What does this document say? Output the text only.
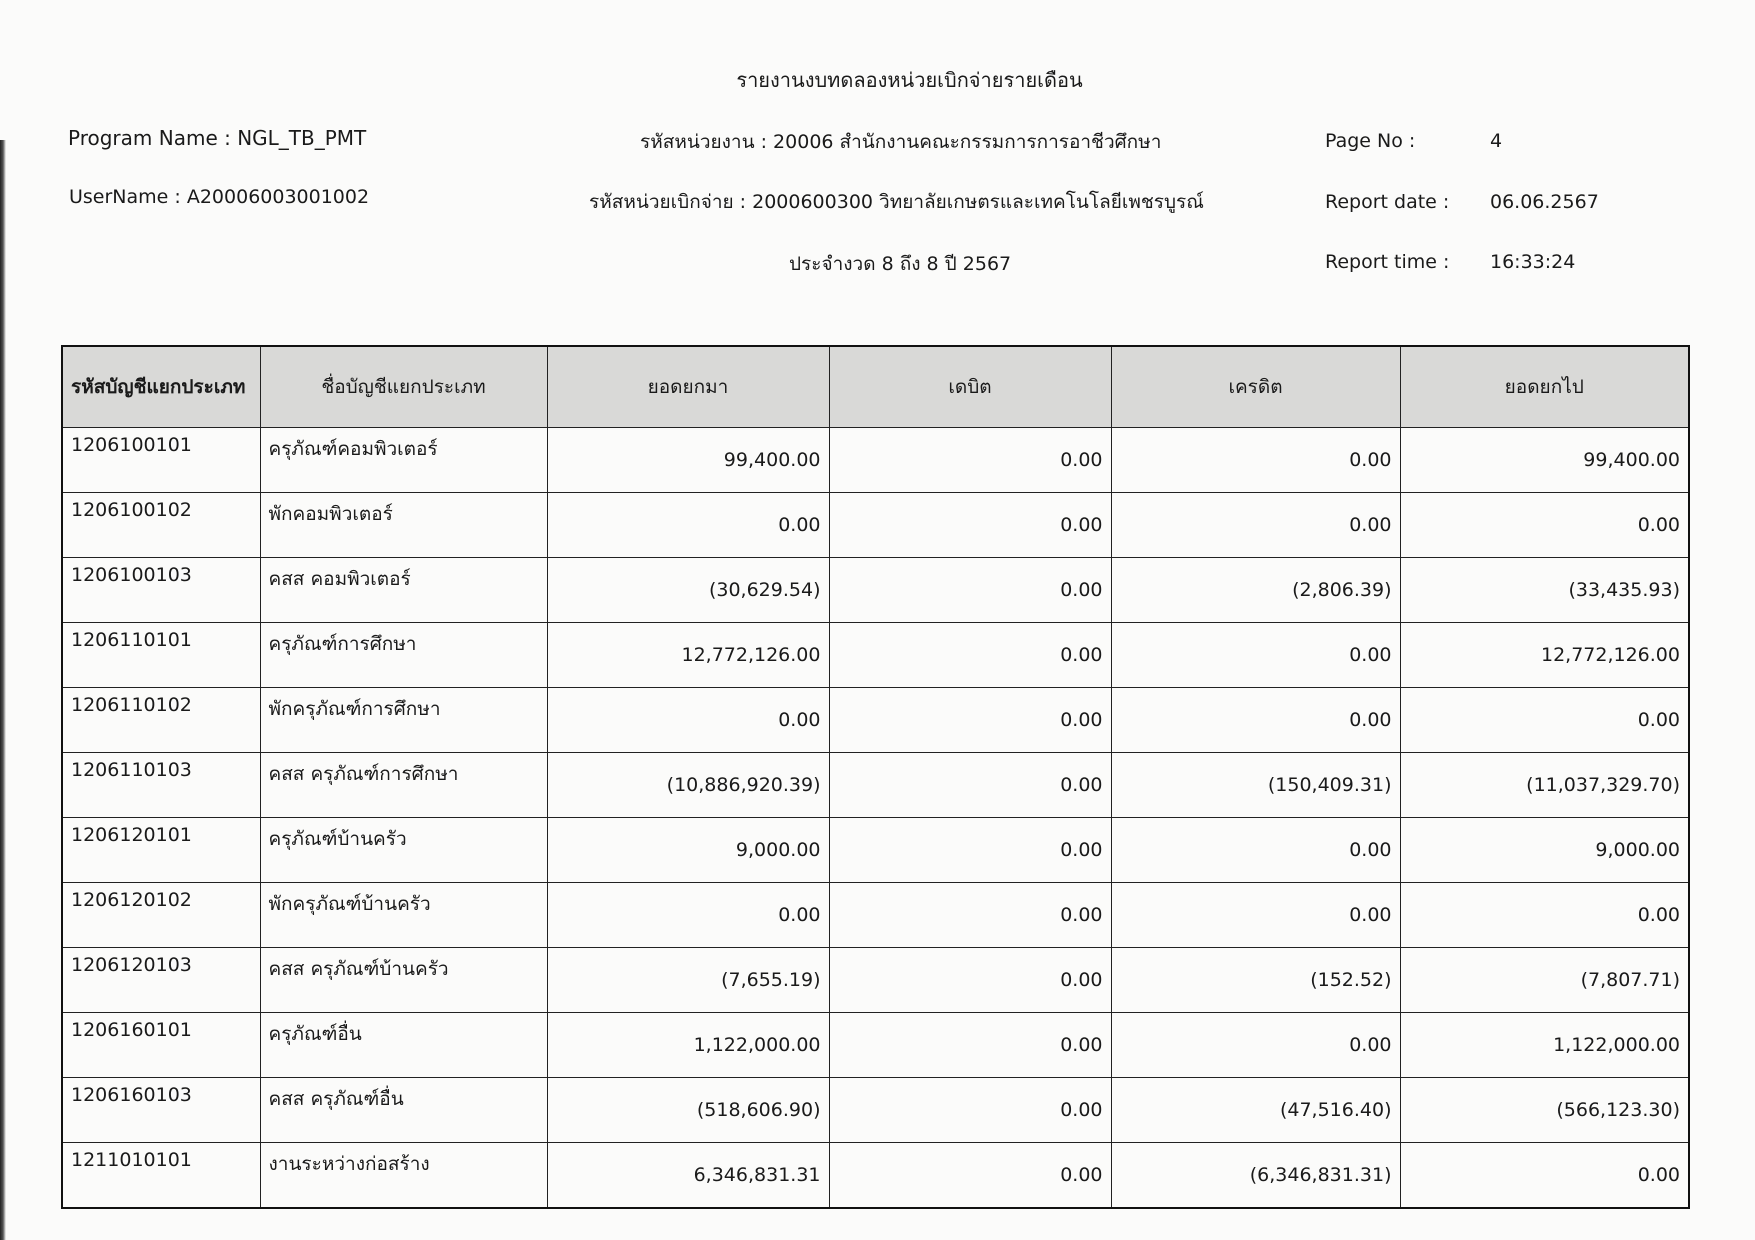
รายงานงบทดลองหน่วยเบิกจ่ายรายเดือน
Program Name : NGL_TB_PMT
UserName : A20006003001002
รหัสหน่วยงาน : 20006 สำนักงานคณะกรรมการการอาชีวศึกษา
รหัสหน่วยเบิกจ่าย : 2000600300 วิทยาลัยเกษตรและเทคโนโลยีเพชรบูรณ์
ประจำงวด 8 ถึง 8 ปี 2567
Page No :	4
Report date : 06.06.2567
Report time : 16:33:24
รหัสบัญชีแยกประเภท	ชื่อบัญชีแยกประเภท	ยอดยกมา	เดบิต	เครดิต	ยอดยกไป
1206100101	ครุภัณฑ์คอมพิวเตอร์	99,400.00	0.00	0.00	99,400.00
1206100102	พักคอมพิวเตอร์	0.00	0.00	0.00	0.00
1206100103	คสส คอมพิวเตอร์	(30,629.54)	0.00	(2,806.39)	(33,435.93)
1206110101	ครุภัณฑ์การศึกษา	12,772,126.00	0.00	0.00	12,772,126.00
1206110102	พักครุภัณฑ์การศึกษา	0.00	0.00	0.00	0.00
1206110103	คสส ครุภัณฑ์การศึกษา	(10,886,920.39)	0.00	(150,409.31)	(11,037,329.70)
1206120101	ครุภัณฑ์บ้านครัว	9,000.00	0.00	0.00	9,000.00
1206120102	พักครุภัณฑ์บ้านครัว	0.00	0.00	0.00	0.00
1206120103	คสส ครุภัณฑ์บ้านครัว	(7,655.19)	0.00	(152.52)	(7,807.71)
1206160101	ครุภัณฑ์อื่น	1,122,000.00	0.00	0.00	1,122,000.00
1206160103	คสส ครุภัณฑ์อื่น	(518,606.90)	0.00	(47,516.40)	(566,123.30)
1211010101	งานระหว่างก่อสร้าง	6,346,831.31	0.00	(6,346,831.31)	0.00
